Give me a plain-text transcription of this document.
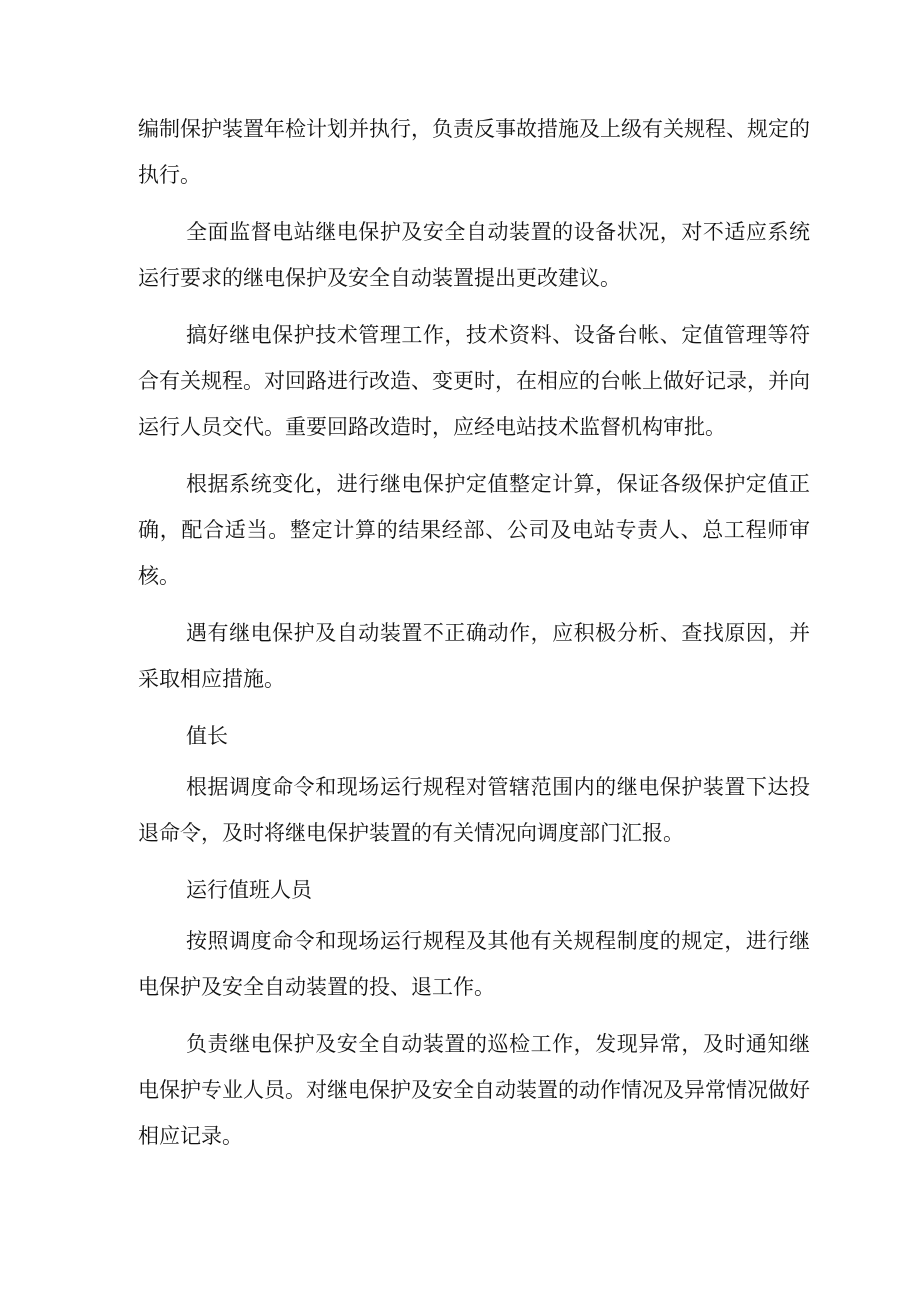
编制保护装置年检计划并执行，负责反事故措施及上级有关规程、规定的执行。

全面监督电站继电保护及安全自动装置的设备状况，对不适应系统运行要求的继电保护及安全自动装置提出更改建议。

搞好继电保护技术管理工作，技术资料、设备台帐、定值管理等符合有关规程。对回路进行改造、变更时，在相应的台帐上做好记录，并向运行人员交代。重要回路改造时，应经电站技术监督机构审批。

根据系统变化，进行继电保护定值整定计算，保证各级保护定值正确，配合适当。整定计算的结果经部、公司及电站专责人、总工程师审核。

遇有继电保护及自动装置不正确动作，应积极分析、查找原因，并采取相应措施。

值长

根据调度命令和现场运行规程对管辖范围内的继电保护装置下达投退命令，及时将继电保护装置的有关情况向调度部门汇报。

运行值班人员

按照调度命令和现场运行规程及其他有关规程制度的规定，进行继电保护及安全自动装置的投、退工作。

负责继电保护及安全自动装置的巡检工作，发现异常，及时通知继电保护专业人员。对继电保护及安全自动装置的动作情况及异常情况做好相应记录。
